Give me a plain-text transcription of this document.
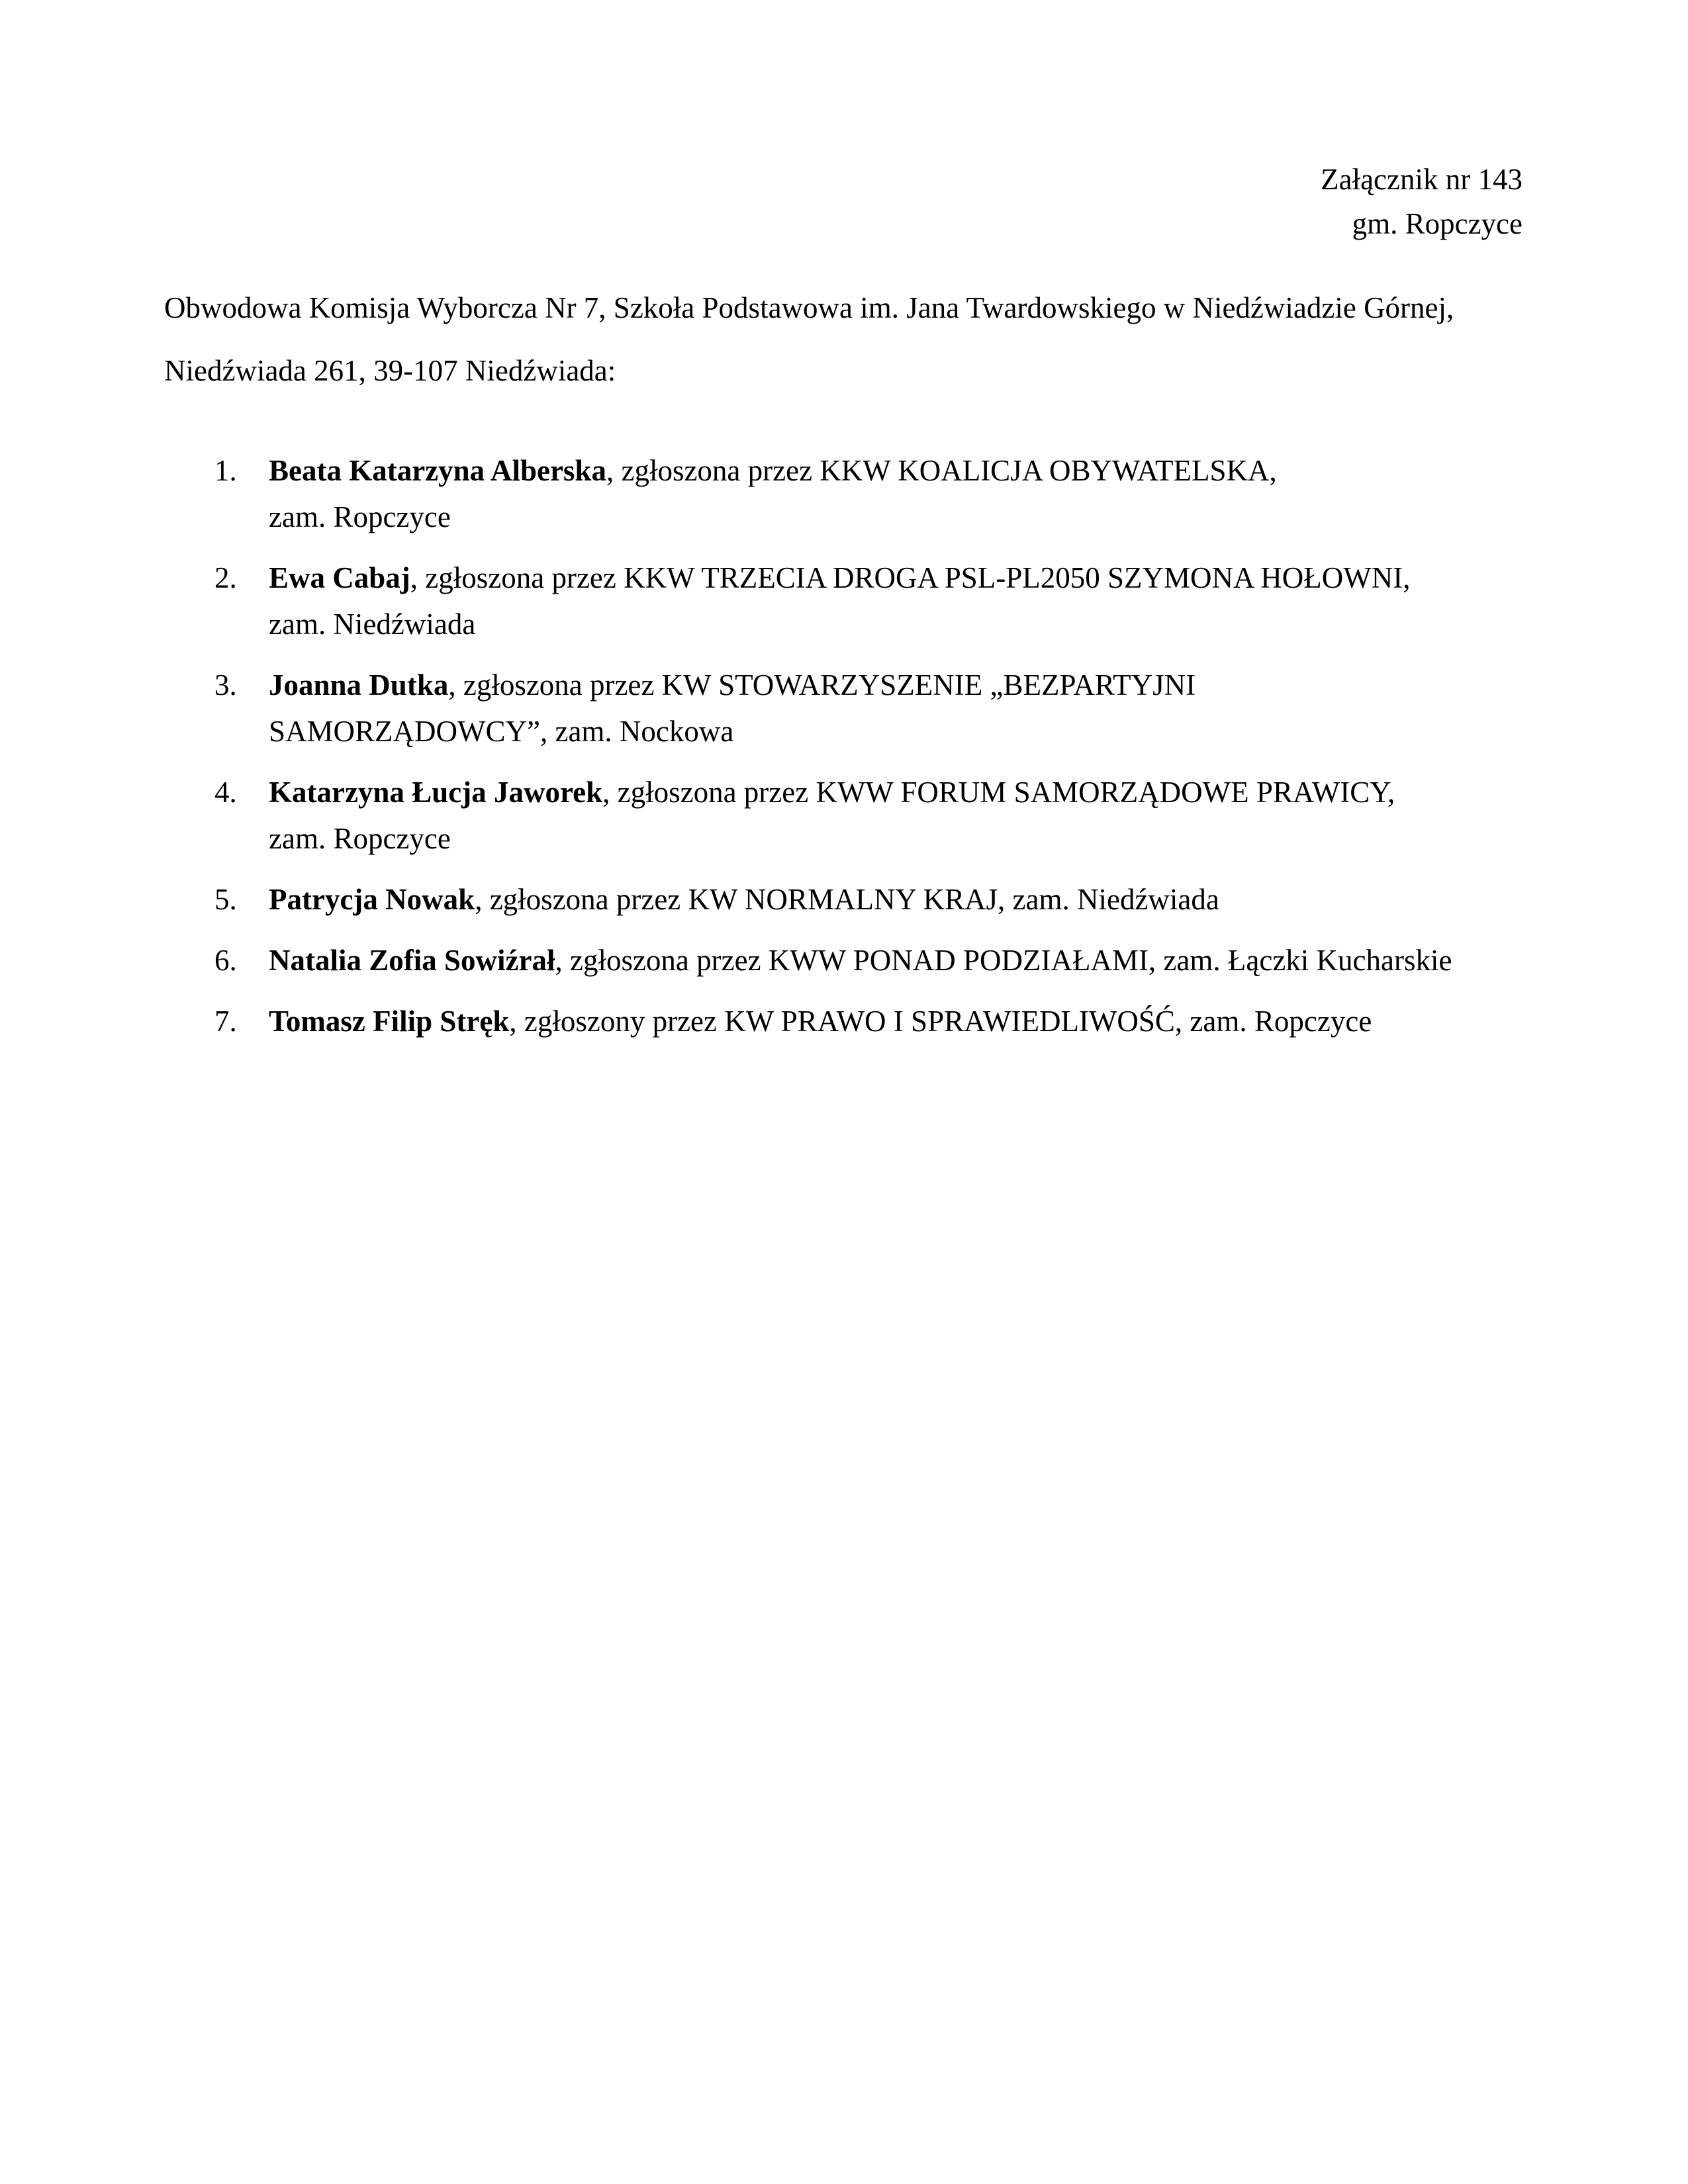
Załącznik nr 143
gm. Ropczyce
Obwodowa Komisja Wyborcza Nr 7, Szkoła Podstawowa im. Jana Twardowskiego w Niedźwiadzie Górnej,
Niedźwiada 261, 39-107 Niedźwiada:
1. Beata Katarzyna Alberska, zgłoszona przez KKW KOALICJA OBYWATELSKA,
zam. Ropczyce
2. Ewa Cabaj, zgłoszona przez KKW TRZECIA DROGA PSL-PL2050 SZYMONA HOŁOWNI,
zam. Niedźwiada
3. Joanna Dutka, zgłoszona przez KW STOWARZYSZENIE „BEZPARTYJNI
SAMORZĄDOWCY”, zam. Nockowa
4. Katarzyna Łucja Jaworek, zgłoszona przez KWW FORUM SAMORZĄDOWE PRAWICY,
zam. Ropczyce
5. Patrycja Nowak, zgłoszona przez KW NORMALNY KRAJ, zam. Niedźwiada
6. Natalia Zofia Sowiźrał, zgłoszona przez KWW PONAD PODZIAŁAMI, zam. Łączki Kucharskie
7. Tomasz Filip Stręk, zgłoszony przez KW PRAWO I SPRAWIEDLIWOŚĆ, zam. Ropczyce
